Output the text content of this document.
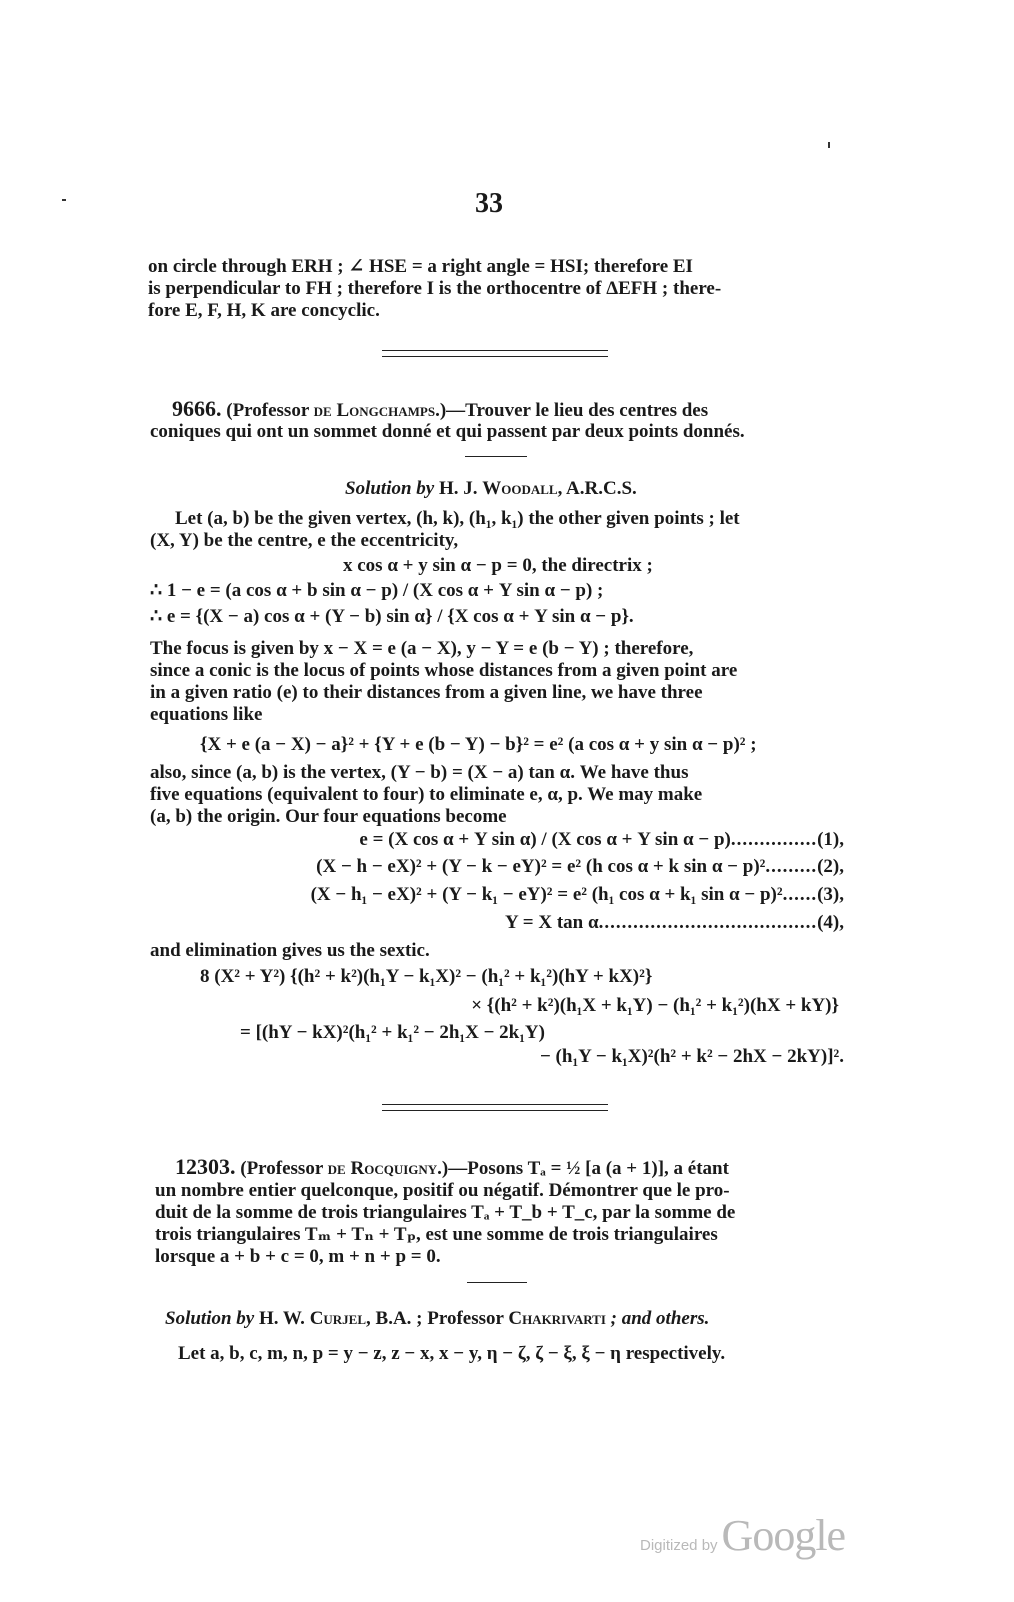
33
on circle through ERH ; ∠ HSE = a right angle = HSI; therefore EI
is perpendicular to FH ; therefore I is the orthocentre of ΔEFH ; there-
fore E, F, H, K are concyclic.
9666. (Professor de Longchamps.)—Trouver le lieu des centres des
coniques qui ont un sommet donné et qui passent par deux points donnés.
Solution by H. J. Woodall, A.R.C.S.
Let (a, b) be the given vertex, (h, k), (h₁, k₁) the other given points ; let
(X, Y) be the centre, e the eccentricity,
x cos α + y sin α − p = 0, the directrix ;
∴ 1 − e = (a cos α + b sin α − p) / (X cos α + Y sin α − p) ;
∴ e = {(X − a) cos α + (Y − b) sin α} / {X cos α + Y sin α − p}.
The focus is given by x − X = e (a − X), y − Y = e (b − Y) ; therefore,
since a conic is the locus of points whose distances from a given point are
in a given ratio (e) to their distances from a given line, we have three
equations like
{X + e (a − X) − a}² + {Y + e (b − Y) − b}² = e² (a cos α + y sin α − p)² ;
also, since (a, b) is the vertex, (Y − b) = (X − a) tan α. We have thus
five equations (equivalent to four) to eliminate e, α, p. We may make
(a, b) the origin. Our four equations become
e = (X cos α + Y sin α) / (X cos α + Y sin α − p)...............(1),
(X − h − eX)² + (Y − k − eY)² = e² (h cos α + k sin α − p)².........(2),
(X − h₁ − eX)² + (Y − k₁ − eY)² = e² (h₁ cos α + k₁ sin α − p)²......(3),
Y = X tan α......................................(4),
and elimination gives us the sextic.
8 (X² + Y²) {(h² + k²)(h₁Y − k₁X)² − (h₁² + k₁²)(hY + kX)²}
× {(h² + k²)(h₁X + k₁Y) − (h₁² + k₁²)(hX + kY)}
= [(hY − kX)²(h₁² + k₁² − 2h₁X − 2k₁Y)
− (h₁Y − k₁X)²(h² + k² − 2hX − 2kY)]².
12303. (Professor de Rocquigny.)—Posons Tₐ = ½ [a (a + 1)], a étant
un nombre entier quelconque, positif ou négatif. Démontrer que le pro-
duit de la somme de trois triangulaires Tₐ + T_b + T_c, par la somme de
trois triangulaires Tₘ + Tₙ + Tₚ, est une somme de trois triangulaires
lorsque a + b + c = 0, m + n + p = 0.
Solution by H. W. Curjel, B.A. ; Professor Chakrivarti ; and others.
Let a, b, c, m, n, p = y − z, z − x, x − y, η − ζ, ζ − ξ, ξ − η respectively.
Digitized by Google
